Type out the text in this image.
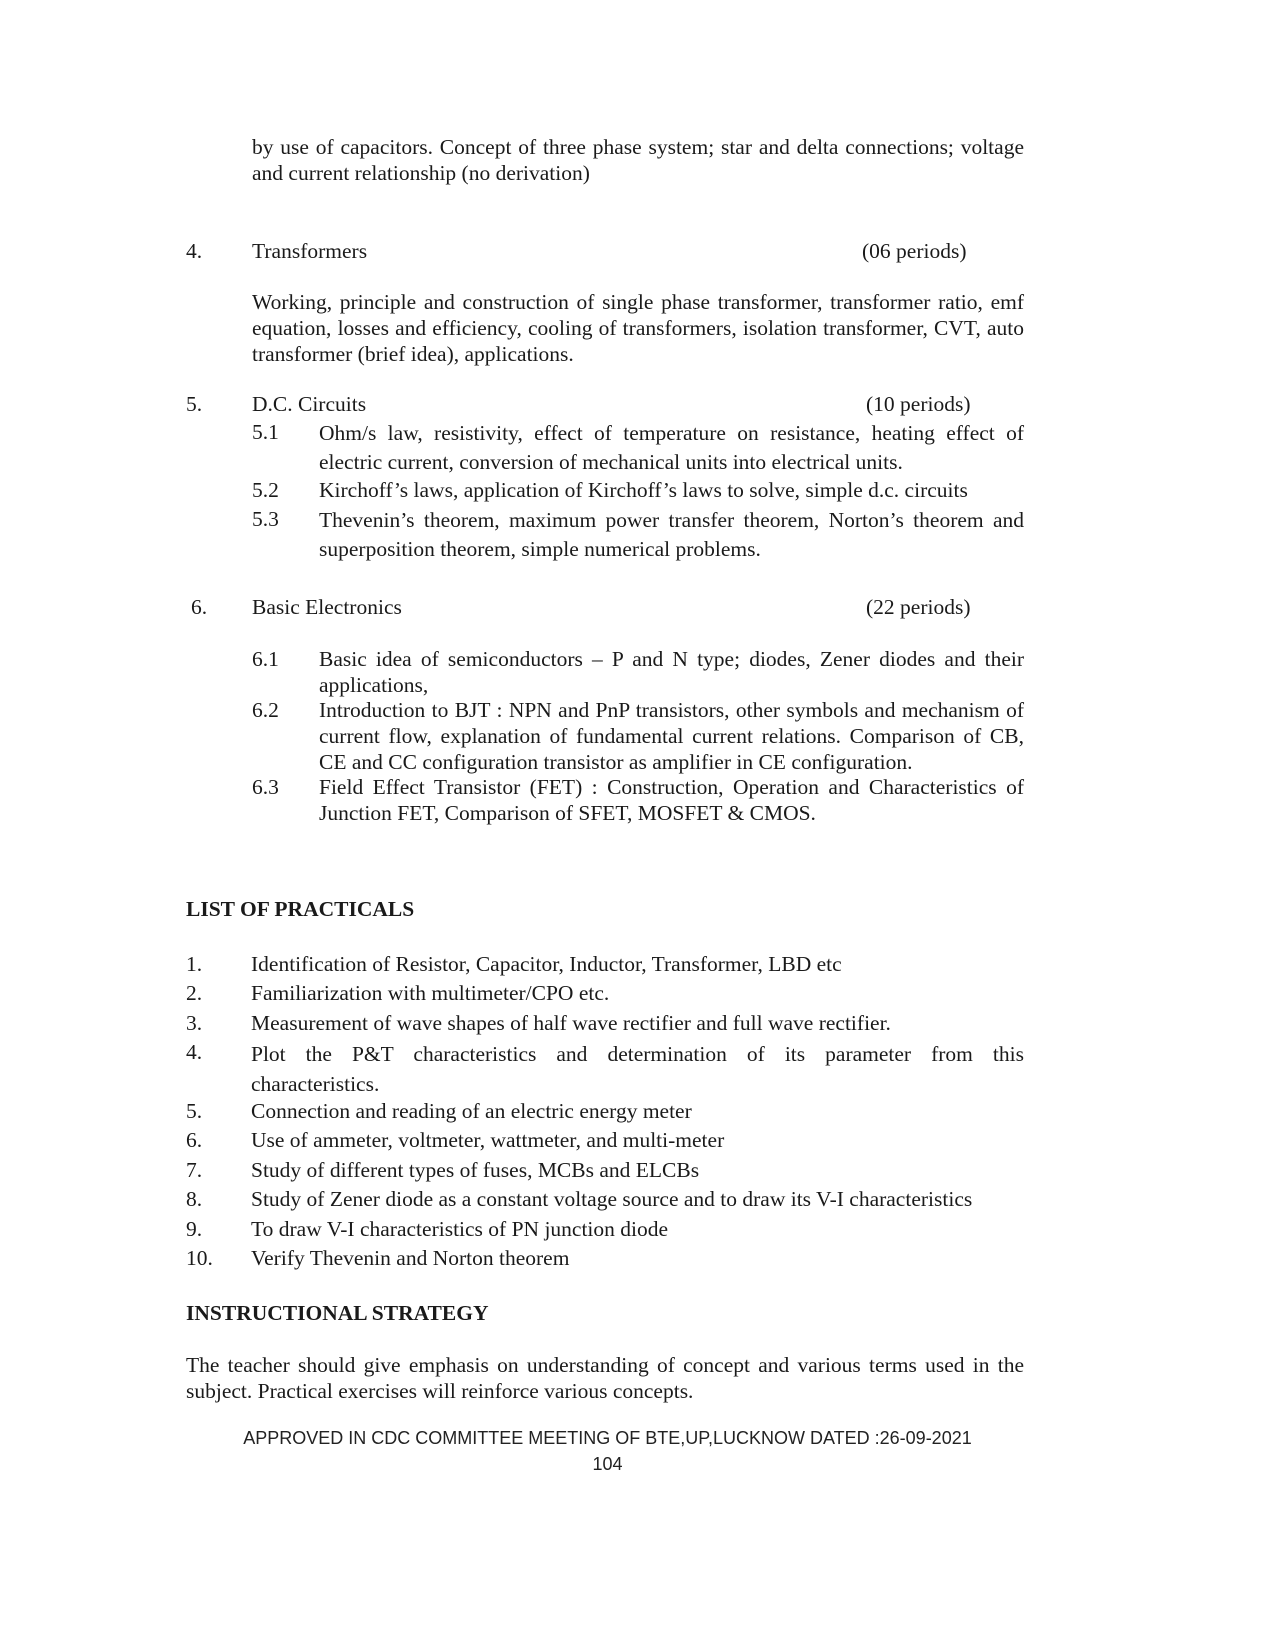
by use of capacitors. Concept of three phase system; star and delta connections; voltage and current relationship (no derivation)
4. Transformers	(06 periods)
Working, principle and construction of single phase transformer, transformer ratio, emf equation, losses and efficiency, cooling of transformers, isolation transformer, CVT, auto transformer (brief idea), applications.
5. D.C. Circuits	(10 periods)
5.1 Ohm/s law, resistivity, effect of temperature on resistance, heating effect of electric current, conversion of mechanical units into electrical units.
5.2 Kirchoff’s laws, application of Kirchoff’s laws to solve, simple d.c. circuits
5.3 Thevenin’s theorem, maximum power transfer theorem, Norton’s theorem and superposition theorem, simple numerical problems.
6. Basic Electronics	(22 periods)
6.1 Basic idea of semiconductors – P and N type; diodes, Zener diodes and their applications,
6.2 Introduction to BJT : NPN and PnP transistors, other symbols and mechanism of current flow, explanation of fundamental current relations. Comparison of CB, CE and CC configuration transistor as amplifier in CE configuration.
6.3 Field Effect Transistor (FET) : Construction, Operation and Characteristics of Junction FET, Comparison of SFET, MOSFET & CMOS.
LIST OF PRACTICALS
1. Identification of Resistor, Capacitor, Inductor, Transformer, LBD etc
2. Familiarization with multimeter/CPO etc.
3. Measurement of wave shapes of half wave rectifier and full wave rectifier.
4. Plot the P&T characteristics and determination of its parameter from this characteristics.
5. Connection and reading of an electric energy meter
6. Use of ammeter, voltmeter, wattmeter, and multi-meter
7. Study of different types of fuses, MCBs and ELCBs
8. Study of Zener diode as a constant voltage source and to draw its V-I characteristics
9. To draw V-I characteristics of PN junction diode
10. Verify Thevenin and Norton theorem
INSTRUCTIONAL STRATEGY
The teacher should give emphasis on understanding of concept and various terms used in the subject. Practical exercises will reinforce various concepts.
APPROVED IN CDC COMMITTEE MEETING OF BTE,UP,LUCKNOW DATED :26-09-2021
104
